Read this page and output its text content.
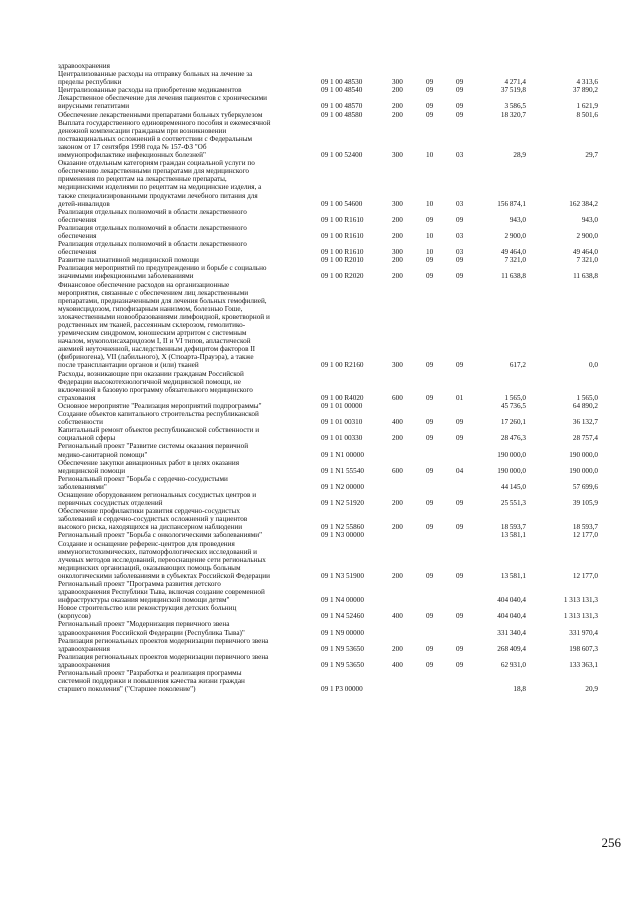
здравоохранения
Централизованные расходы на отправку больных на лечение за
пределы республики	09 1 00 48530	300	09	09	4 271,4	4 313,6
Централизованные расходы на приобретение медикаментов	09 1 00 48540	200	09	09	37 519,8	37 890,2
Лекарственное обеспечение для лечения пациентов с хроническими
вирусными гепатитами	09 1 00 48570	200	09	09	3 586,5	1 621,9
Обеспечение лекарственными препаратами больных туберкулезом	09 1 00 48580	200	09	09	18 320,7	8 501,6
Выплата государственного единовременного пособия и ежемесячной
денежной компенсации гражданам при возникновении
поствакцинальных осложнений в соответствии с Федеральным
законом от 17 сентября 1998 года № 157-ФЗ "Об
иммунопрофилактике инфекционных болезней"	09 1 00 52400	300	10	03	28,9	29,7
Оказание отдельным категориям граждан социальной услуги по
обеспечению лекарственными препаратами для медицинского
применения по рецептам на лекарственные препараты,
медицинскими изделиями по рецептам на медицинские изделия, а
также специализированными продуктами лечебного питания для
детей-инвалидов	09 1 00 54600	300	10	03	156 874,1	162 384,2
Реализация отдельных полномочий в области лекарственного
обеспечения	09 1 00 R1610	200	09	09	943,0	943,0
Реализация отдельных полномочий в области лекарственного
обеспечения	09 1 00 R1610	200	10	03	2 900,0	2 900,0
Реализация отдельных полномочий в области лекарственного
обеспечения	09 1 00 R1610	300	10	03	49 464,0	49 464,0
Развитие паллиативной медицинской помощи	09 1 00 R2010	200	09	09	7 321,0	7 321,0
Реализация мероприятий по предупреждению и борьбе с социально
значимыми инфекционными заболеваниями	09 1 00 R2020	200	09	09	11 638,8	11 638,8
Финансовое обеспечение расходов на организационные
мероприятия, связанные с обеспечением лиц лекарственными
препаратами, предназначенными для лечения больных гемофилией,
муковисцидозом, гипофизарным нанизмом, болезнью Гоше,
злокачественными новообразованиями лимфоидной, кроветворной и
родственных им тканей, рассеянным склерозом, гемолитико-
уремическим синдромом, юношеским артритом с системным
началом, мукополисахаридозом I, II и VI типов, апластической
анемией неуточненной, наследственным дефицитом факторов II
(фибриногена), VII (лабильного), X (Стюарта-Прауэра), а также
после трансплантации органов и (или) тканей	09 1 00 R2160	300	09	09	617,2	0,0
Расходы, возникающие при оказании гражданам Российской
Федерации высокотехнологичной медицинской помощи, не
включенной в базовую программу обязательного медицинского
страхования	09 1 00 R4020	600	09	01	1 565,0	1 565,0
Основное мероприятие "Реализация мероприятий подпрограммы"	09 1 01 00000	45 736,5	64 890,2
Создание объектов капитального строительства республиканской
собственности	09 1 01 00310	400	09	09	17 260,1	36 132,7
Капитальный ремонт объектов республиканской собственности и
социальной сферы	09 1 01 00330	200	09	09	28 476,3	28 757,4
Региональный проект "Развитие системы оказания первичной
медико-санитарной помощи"	09 1 N1 00000	190 000,0	190 000,0
Обеспечение закупки авиационных работ в целях оказания
медицинской помощи	09 1 N1 55540	600	09	04	190 000,0	190 000,0
Региональный проект "Борьба с сердечно-сосудистыми
заболеваниями"	09 1 N2 00000	44 145,0	57 699,6
Оснащение оборудованием региональных сосудистых центров и
первичных сосудистых отделений	09 1 N2 51920	200	09	09	25 551,3	39 105,9
Обеспечение профилактики развития сердечно-сосудистых
заболеваний и сердечно-сосудистых осложнений у пациентов
высокого риска, находящихся на диспансерном наблюдении	09 1 N2 55860	200	09	09	18 593,7	18 593,7
Региональный проект "Борьба с онкологическими заболеваниями"	09 1 N3 00000	13 581,1	12 177,0
Создание и оснащение референс-центров для проведения
иммуногистохимических, патоморфологических исследований и
лучевых методов исследований, переоснащение сети региональных
медицинских организаций, оказывающих помощь больным
онкологическими заболеваниями в субъектах Российской Федерации	09 1 N3 51900	200	09	09	13 581,1	12 177,0
Региональный проект "Программа развития детского
здравоохранения Республики Тыва, включая создание современной
инфраструктуры оказания медицинской помощи детям"	09 1 N4 00000	404 040,4	1 313 131,3
Новое строительство или реконструкция детских больниц
(корпусов)	09 1 N4 52460	400	09	09	404 040,4	1 313 131,3
Региональный проект "Модернизация первичного звена
здравоохранения Российской Федерации (Республика Тыва)"	09 1 N9 00000	331 340,4	331 970,4
Реализация региональных проектов модернизации первичного звена
здравоохранения	09 1 N9 53650	200	09	09	268 409,4	198 607,3
Реализация региональных проектов модернизации первичного звена
здравоохранения	09 1 N9 53650	400	09	09	62 931,0	133 363,1
Региональный проект "Разработка и реализация программы
системной поддержки и повышения качества жизни граждан
старшего поколения" ("Старшее поколение")	09 1 P3 00000	18,8	20,9
256
